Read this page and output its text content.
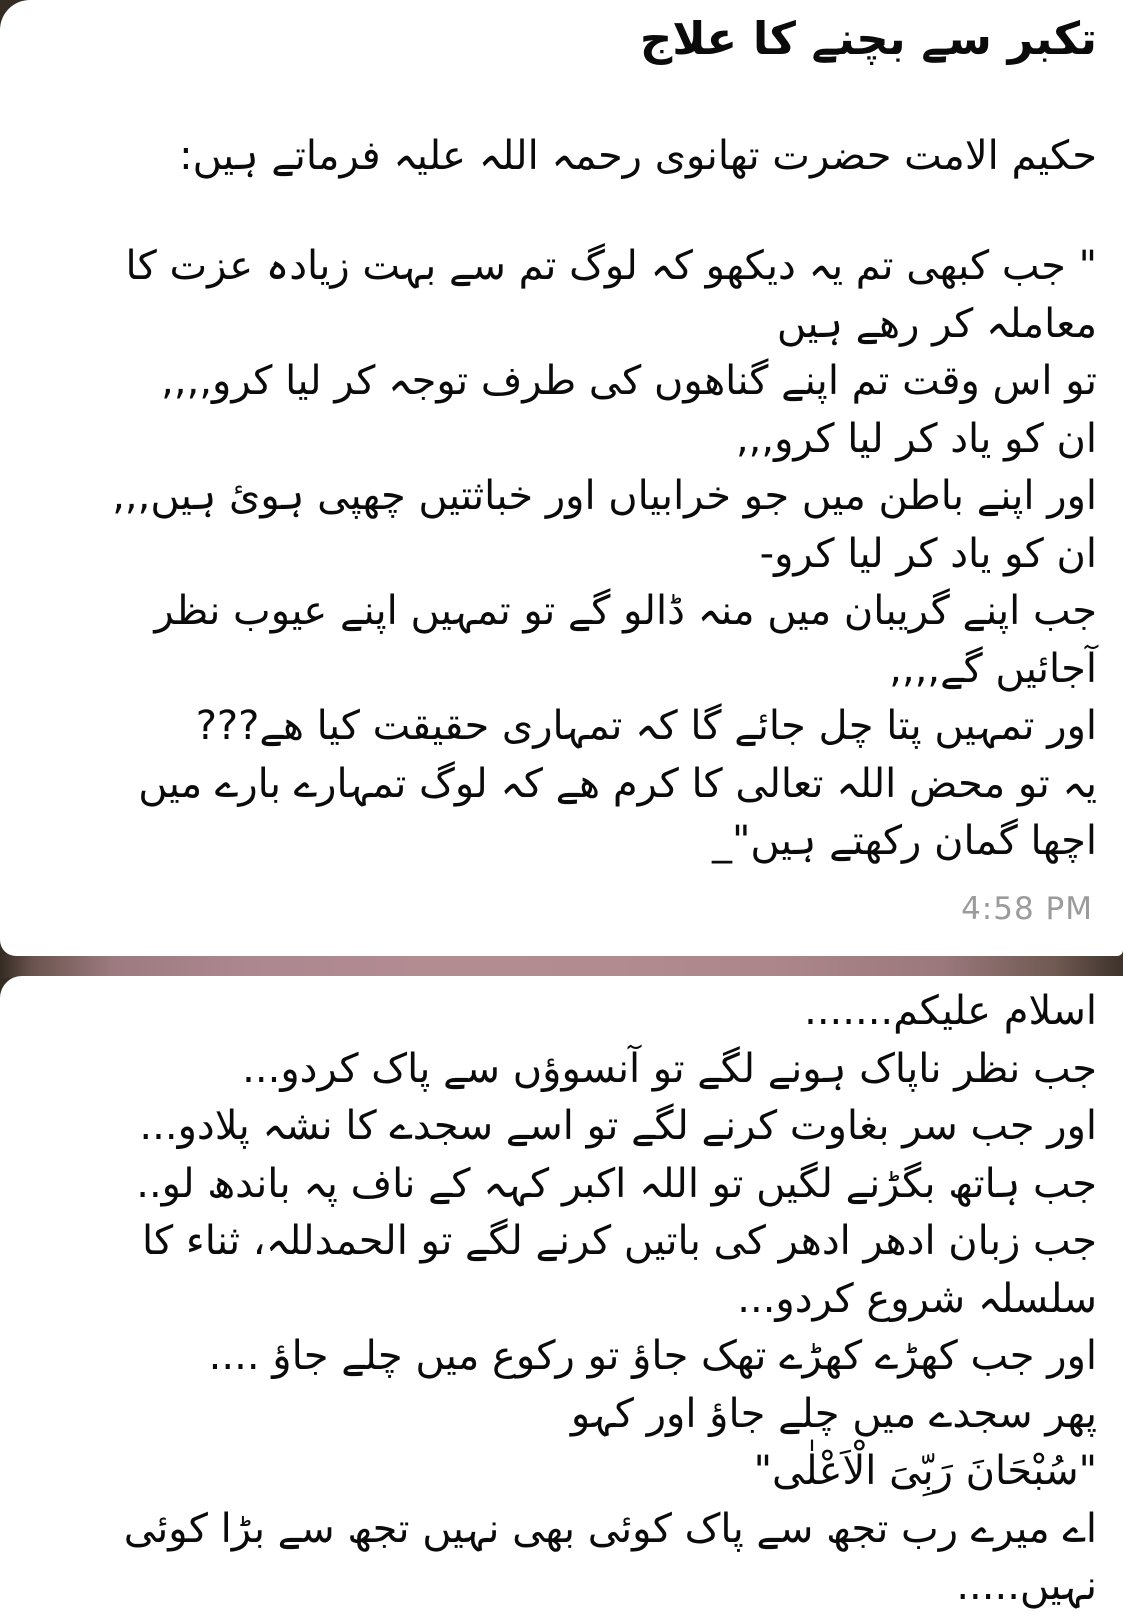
تکبر سے بچنے کا علاج
حکیم الامت حضرت تھانوی رحمہ اللہ علیہ فرماتے ہیں:
" جب کبھی تم یہ دیکھو کہ لوگ تم سے بہت زیادہ عزت کا
معاملہ کر رھے ہیں
تو اس وقت تم اپنے گناھوں کی طرف توجہ کر لیا کرو,,,,
ان کو یاد کر لیا کرو,,,
اور اپنے باطن میں جو خرابیاں اور خباثتیں چھپی ہوئ ہیں,,,
ان کو یاد کر لیا کرو-
جب اپنے گریبان میں منہ ڈالو گے تو تمہیں اپنے عیوب نظر
آجائیں گے,,,,
اور تمہیں پتا چل جائے گا کہ تمہاری حقیقت کیا ھے???
یہ تو محض اللہ تعالی کا کرم ھے کہ لوگ تمہارے بارے میں
اچھا گمان رکھتے ہیں"_
4:58 PM
اسلام علیکم.......
جب نظر ناپاک ہونے لگے تو آنسوؤں سے پاک کردو...
اور جب سر بغاوت کرنے لگے تو اسے سجدے کا نشہ پلادو...
جب ہاتھ بگڑنے لگیں تو اللہ اکبر کہہ کے ناف پہ باندھ لو..
جب زبان ادھر ادھر کی باتیں کرنے لگے تو الحمدللہ، ثناء کا
سلسلہ شروع کردو...
اور جب کھڑے کھڑے تھک جاؤ تو رکوع میں چلے جاؤ ....
پھر سجدے میں چلے جاؤ اور کہو
"سُبْحَانَ رَبِّیَ الْاَعْلٰی"
اے میرے رب تجھ سے پاک کوئی بھی نہیں تجھ سے بڑا کوئی
نہیں.....
